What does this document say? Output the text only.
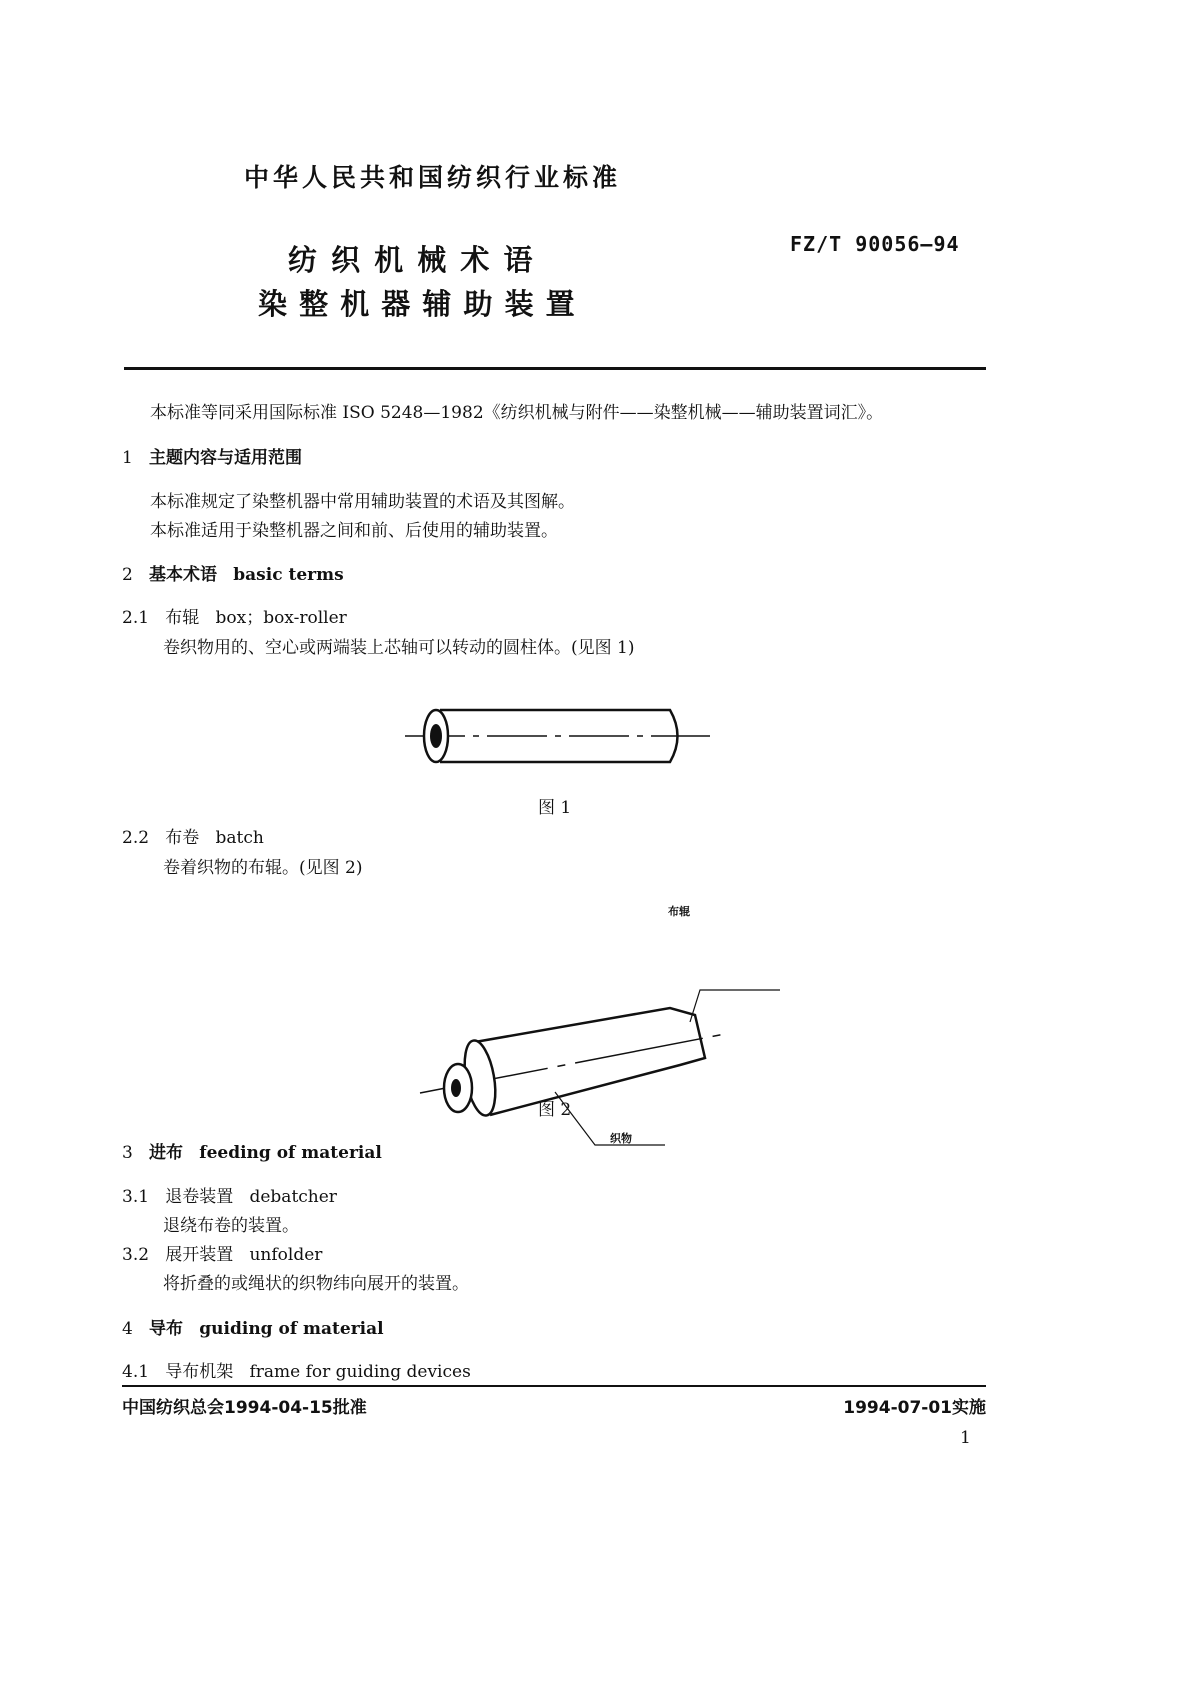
中华人民共和国纺织行业标准
纺 织 机 械 术 语
染 整 机 器 辅 助 装 置
FZ/T 90056—94
本标准等同采用国际标准 ISO 5248—1982《纺织机械与附件——染整机械——辅助装置词汇》。
1 主题内容与适用范围
本标准规定了染整机器中常用辅助装置的术语及其图解。
本标准适用于染整机器之间和前、后使用的辅助装置。
2 基本术语 basic terms
2.1 布辊 box；box-roller
卷织物用的、空心或两端装上芯轴可以转动的圆柱体。(见图 1)
图 1
2.2 布卷 batch
卷着织物的布辊。(见图 2)
布辊
织物
图 2
3 进布 feeding of material
3.1 退卷装置 debatcher
退绕布卷的装置。
3.2 展开装置 unfolder
将折叠的或绳状的织物纬向展开的装置。
4 导布 guiding of material
4.1 导布机架 frame for guiding devices
中国纺织总会1994-04-15批准	1994-07-01实施
1
